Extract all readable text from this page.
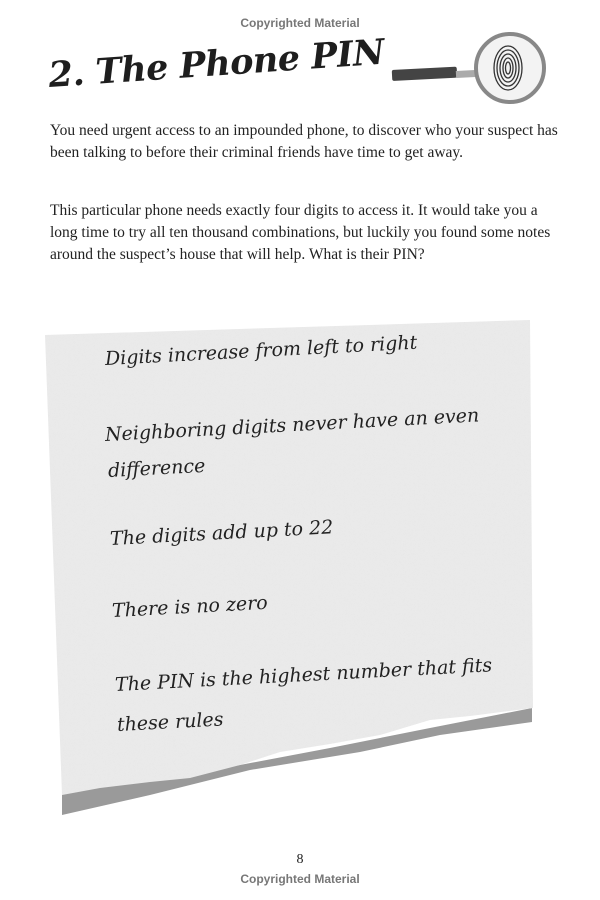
Copyrighted Material
2. The Phone PIN

You need urgent access to an impounded phone, to discover who your suspect has been talking to before their criminal friends have time to get away.

This particular phone needs exactly four digits to access it. It would take you a long time to try all ten thousand combinations, but luckily you found some notes around the suspect’s house that will help. What is their PIN?

Digits increase from left to right
Neighboring digits never have an even
difference
The digits add up to 22
There is no zero
The PIN is the highest number that fits
these rules
8
Copyrighted Material
